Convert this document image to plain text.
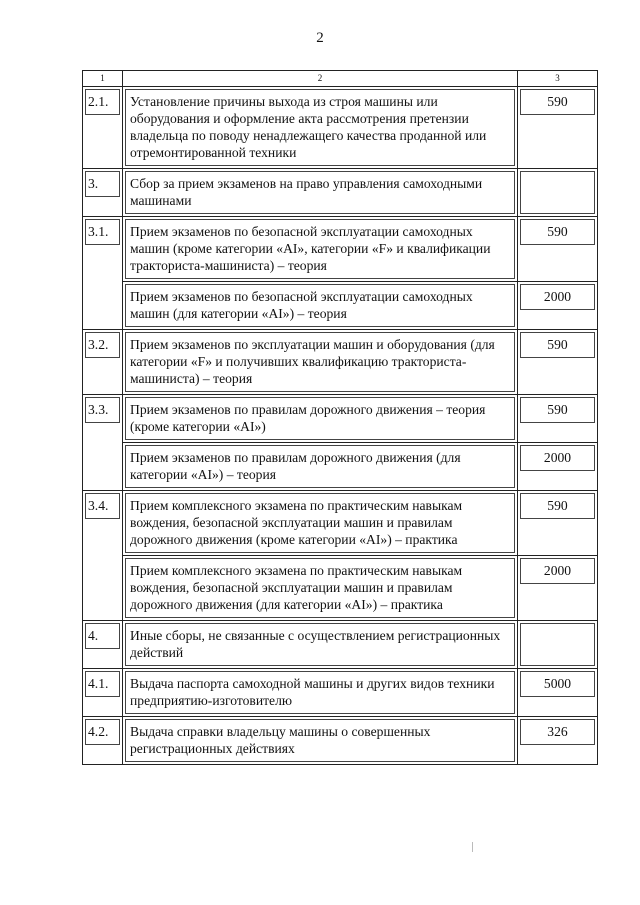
2
1	2	3

2.1.	Установление причины выхода из строя машины или оборудования и оформление акта рассмотрения претензии владельца по поводу ненадлежащего качества проданной или отремонтированной техники	590

3.	Сбор за прием экзаменов на право управления самоходными машинами	

3.1.	Прием экзаменов по безопасной эксплуатации самоходных машин (кроме категории «AI», категории «F» и квалификации тракториста-машиниста) – теория	590

	Прием экзаменов по безопасной эксплуатации самоходных машин (для категории «AI») – теория	2000

3.2.	Прием экзаменов по эксплуатации машин и оборудования (для категории «F» и получивших квалификацию тракториста-машиниста) – теория	590

3.3.	Прием экзаменов по правилам дорожного движения – теория (кроме категории «AI»)	590

	Прием экзаменов по правилам дорожного движения (для категории «AI») – теория	2000

3.4.	Прием комплексного экзамена по практическим навыкам вождения, безопасной эксплуатации машин и правилам дорожного движения (кроме категории «AI») – практика	590

	Прием комплексного экзамена по практическим навыкам вождения, безопасной эксплуатации машин и правилам дорожного движения (для категории «AI») – практика	2000

4.	Иные сборы, не связанные с осуществлением регистрационных действий	

4.1.	Выдача паспорта самоходной машины и других видов техники предприятию-изготовителю	5000

4.2.	Выдача справки владельцу машины о совершенных регистрационных действиях	326
